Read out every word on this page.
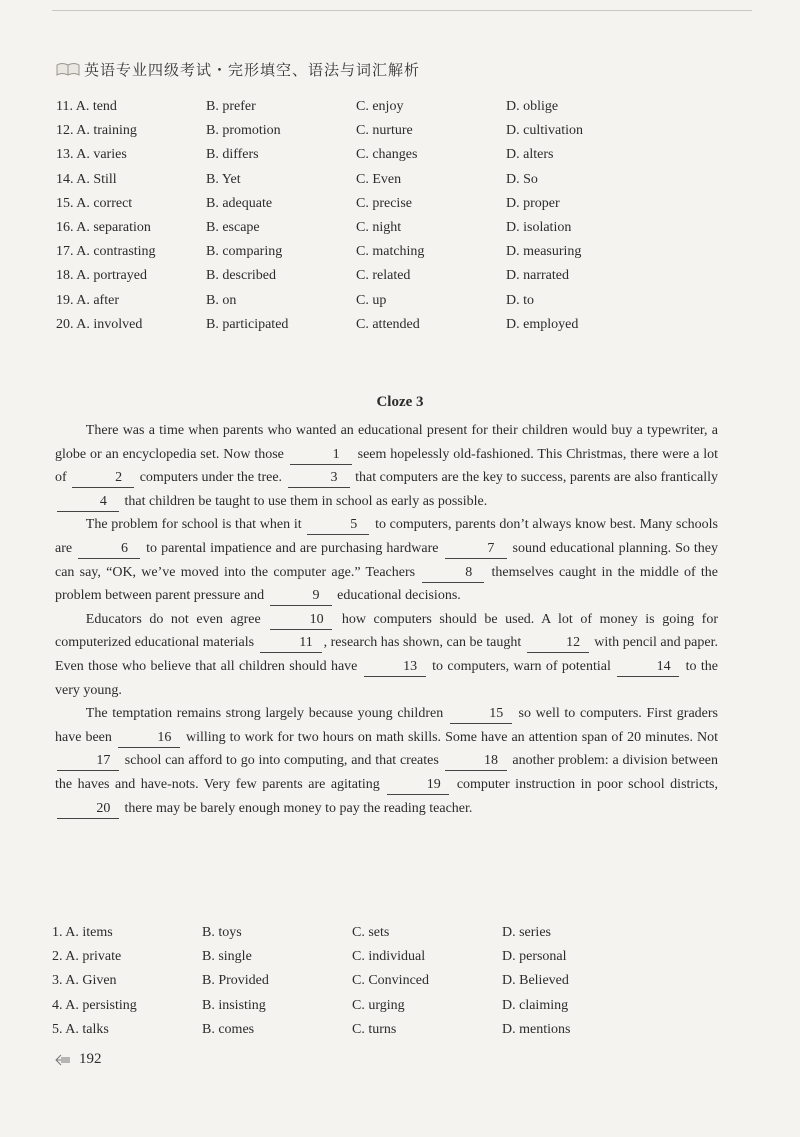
英语专业四级考试・完形填空、语法与词汇解析
11. A. tend	B. prefer	C. enjoy	D. oblige
12. A. training	B. promotion	C. nurture	D. cultivation
13. A. varies	B. differs	C. changes	D. alters
14. A. Still	B. Yet	C. Even	D. So
15. A. correct	B. adequate	C. precise	D. proper
16. A. separation	B. escape	C. night	D. isolation
17. A. contrasting	B. comparing	C. matching	D. measuring
18. A. portrayed	B. described	C. related	D. narrated
19. A. after	B. on	C. up	D. to
20. A. involved	B. participated	C. attended	D. employed
Cloze 3

There was a time when parents who wanted an educational present for their children would buy a typewriter, a globe or an encyclopedia set. Now those	1 seem hopelessly old-fashioned. This Christmas, there were a lot of	2 computers under the tree.	3 that computers are the key to success, parents are also frantically 4 that children be taught to use them in school as early as possible.

The problem for school is that when it	5 to computers, parents don’t always know best. Many schools are	6 to parental impatience and are purchasing hardware	7 sound educational planning. So they can say, “OK, we’ve moved into the computer age.” Teachers	8 themselves caught in the middle of the problem between parent pressure and	9 educational decisions.

Educators do not even agree	10 how computers should be used. A lot of money is going for computerized educational materials	11 , research has shown, can be taught	12 with pencil and paper. Even those who believe that all children should have	13 to computers, warn of potential	14 to the very young.

The temptation remains strong largely because young children	15 so well to computers. First graders have been	16 willing to work for two hours on math skills. Some have an attention span of 20 minutes. Not 17 school can afford to go into computing, and that creates	18 another problem: a division between the haves and have-nots. Very few parents are agitating	19 computer instruction in poor school districts, 20 there may be barely enough money to pay the reading teacher.

1. A. items	B. toys	C. sets	D. series
2. A. private	B. single	C. individual	D. personal
3. A. Given	B. Provided	C. Convinced	D. Believed
4. A. persisting	B. insisting	C. urging	D. claiming
5. A. talks	B. comes	C. turns	D. mentions
192
